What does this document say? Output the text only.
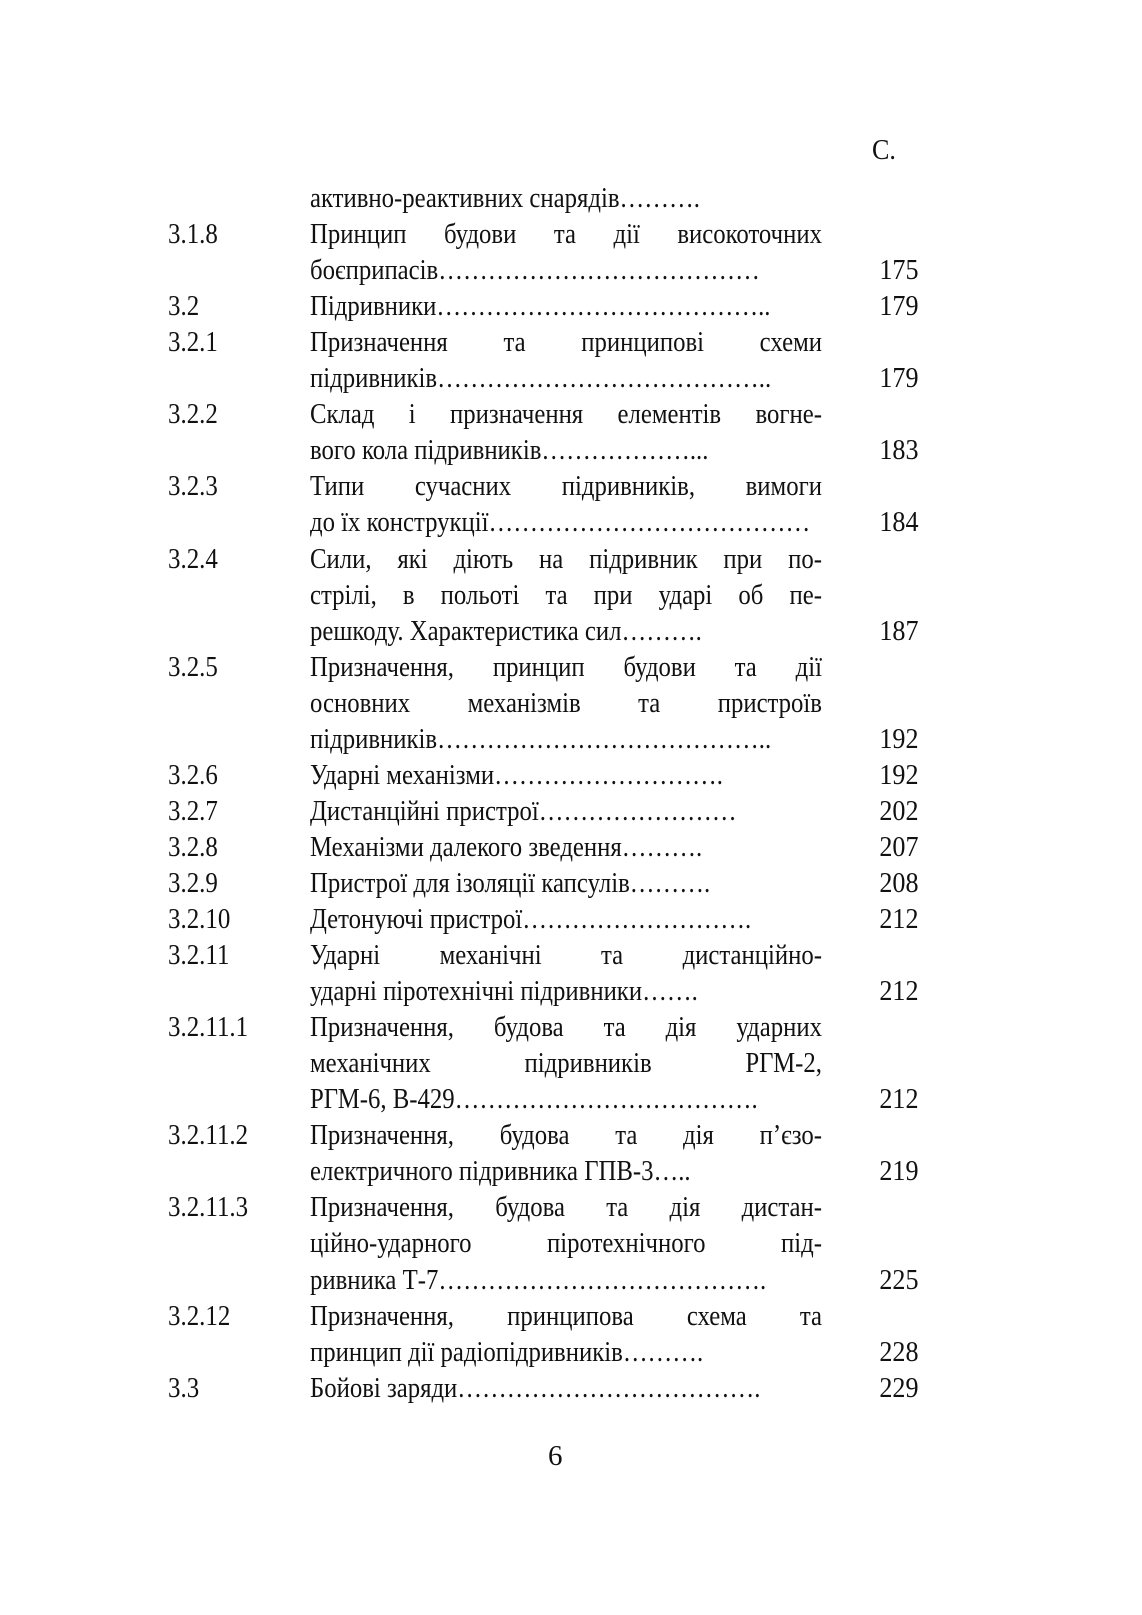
С.
активно-реактивних снарядів……….
3.1.8	Принцип будови та дії високоточних
боєприпасів…………………………………	175
3.2	Підривники…………………………………..	179
3.2.1	Призначення та принципові схеми
підривників…………………………………..	179
3.2.2	Склад і призначення елементів вогне-
вого кола підривників………………...	183
3.2.3	Типи сучасних підривників, вимоги
до їх конструкції…………………………………	184
3.2.4	Сили, які діють на підривник при по-
стрілі, в польоті та при ударі об пе-
решкоду. Характеристика сил……….	187
3.2.5	Призначення, принцип будови та дії
основних механізмів та пристроїв
підривників…………………………………..	192
3.2.6	Ударні механізми……………………….	192
3.2.7	Дистанційні пристрої……………………	202
3.2.8	Механізми далекого зведення……….	207
3.2.9	Пристрої для ізоляції капсулів……….	208
3.2.10	Детонуючі пристрої……………………….	212
3.2.11	Ударні механічні та дистанційно-
ударні піротехнічні підривники…….	212
3.2.11.1 Призначення, будова та дія ударних
механічних підривників РГМ-2,
РГМ-6, В-429……………………………….	212
3.2.11.2 Призначення, будова та дія п’єзо-
електричного підривника ГПВ-3…..	219
3.2.11.3 Призначення, будова та дія дистан-
ційно-ударного піротехнічного під-
ривника Т-7………………………………….	225
3.2.12	Призначення, принципова схема та
принцип дії радіопідривників……….	228
3.3	Бойові заряди……………………………….	229
6
